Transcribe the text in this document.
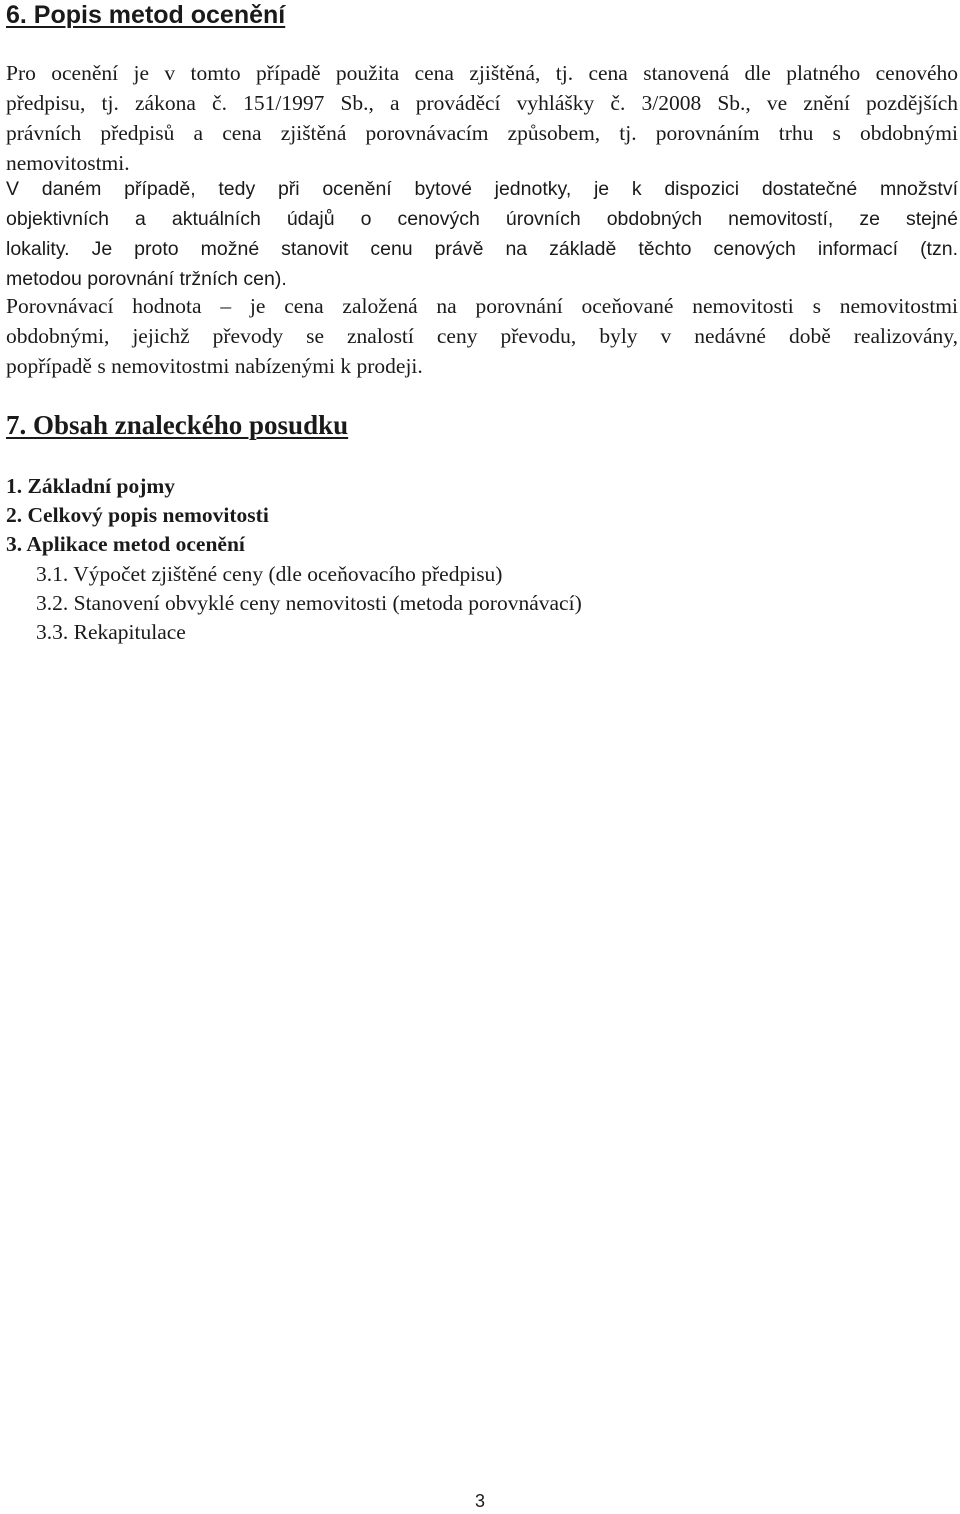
6. Popis metod ocenění
Pro ocenění je v tomto případě použita cena zjištěná, tj. cena stanovená dle platného cenového
předpisu, tj. zákona č. 151/1997 Sb., a prováděcí vyhlášky č. 3/2008 Sb., ve znění pozdějších
právních předpisů a cena zjištěná porovnávacím způsobem, tj. porovnáním trhu s obdobnými
nemovitostmi.
V daném případě, tedy při ocenění bytové jednotky, je k dispozici dostatečné množství
objektivních a aktuálních údajů o cenových úrovních obdobných nemovitostí, ze stejné
lokality. Je proto možné stanovit cenu právě na základě těchto cenových informací (tzn.
metodou porovnání tržních cen).
Porovnávací hodnota – je cena založená na porovnání oceňované nemovitosti s nemovitostmi
obdobnými, jejichž převody se znalostí ceny převodu, byly v nedávné době realizovány,
popřípadě s nemovitostmi nabízenými k prodeji.
7. Obsah znaleckého posudku
1. Základní pojmy
2. Celkový popis nemovitosti
3. Aplikace metod ocenění
3.1. Výpočet zjištěné ceny (dle oceňovacího předpisu)
3.2. Stanovení obvyklé ceny nemovitosti (metoda porovnávací)
3.3. Rekapitulace
3
